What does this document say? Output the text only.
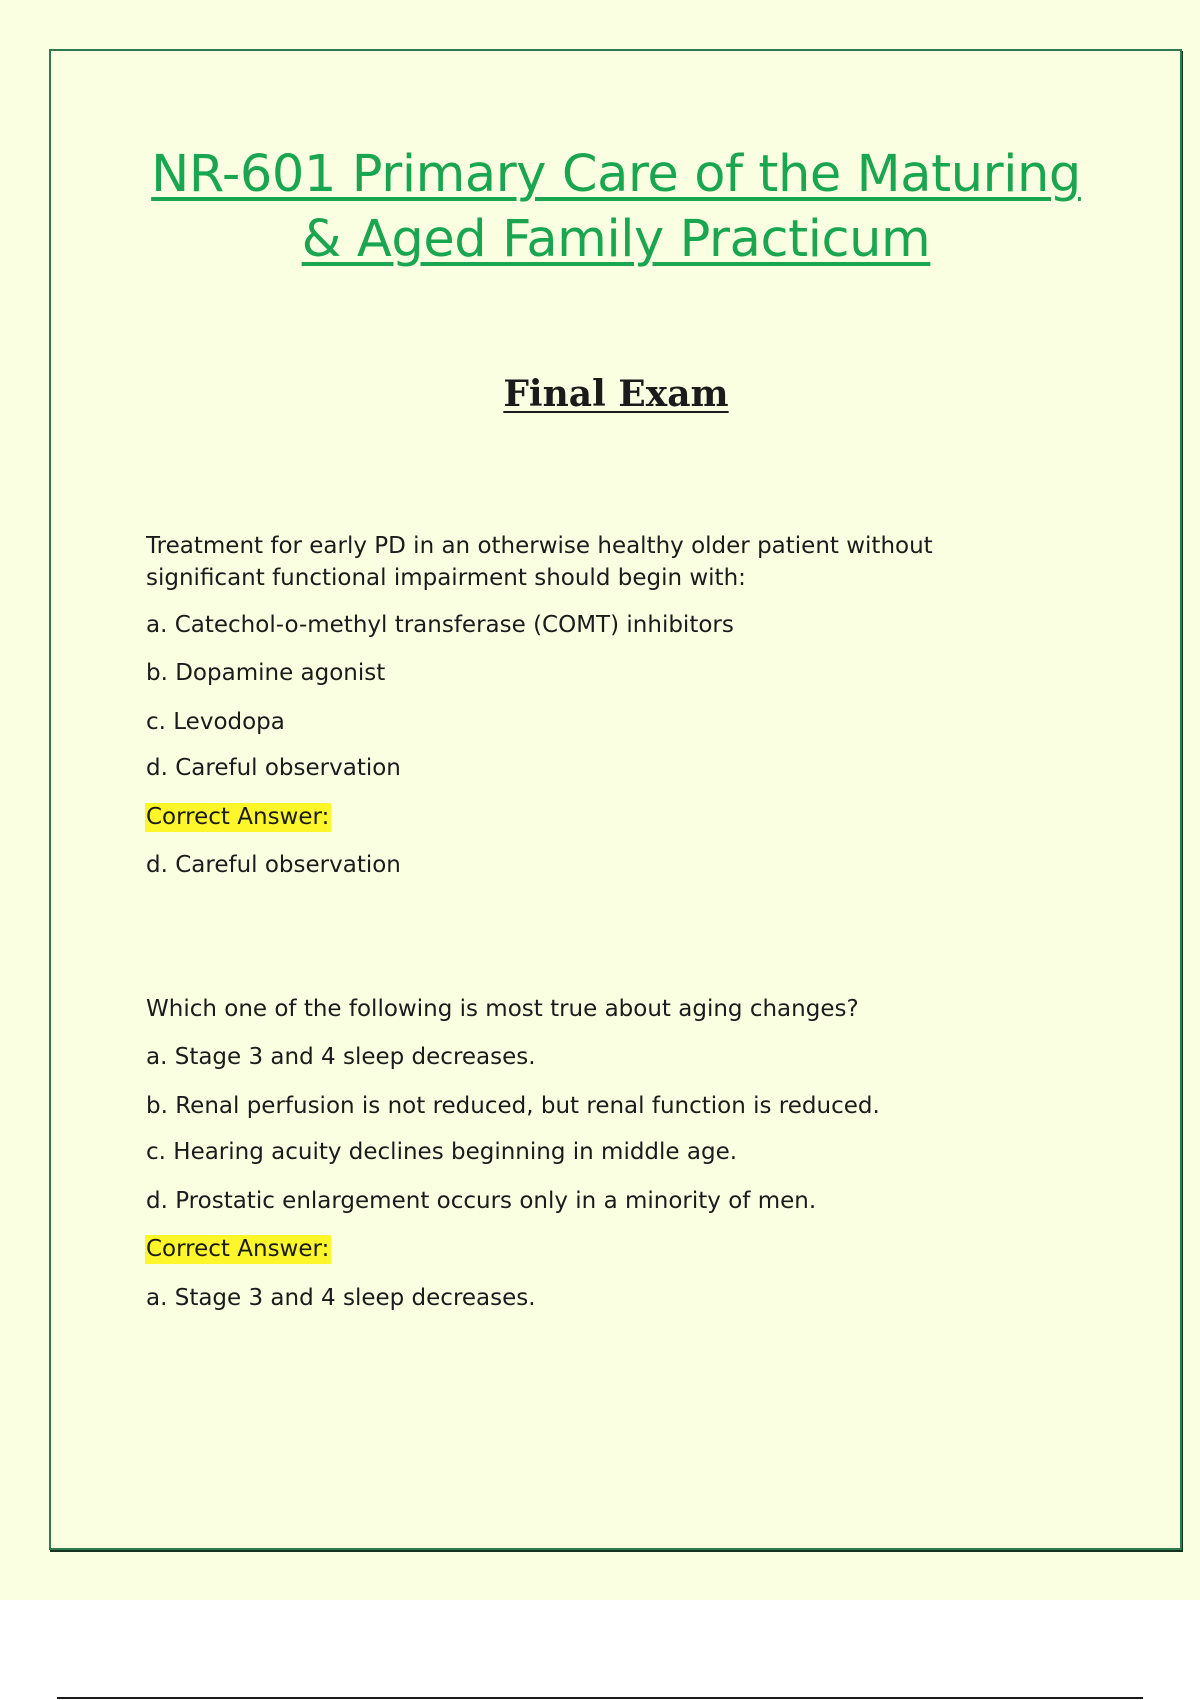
NR-601 Primary Care of the Maturing
& Aged Family Practicum
Final Exam

Treatment for early PD in an otherwise healthy older patient without
significant functional impairment should begin with:

a. Catechol-o-methyl transferase (COMT) inhibitors

b. Dopamine agonist

c. Levodopa

d. Careful observation

Correct Answer:

d. Careful observation

Which one of the following is most true about aging changes?

a. Stage 3 and 4 sleep decreases.

b. Renal perfusion is not reduced, but renal function is reduced.

c. Hearing acuity declines beginning in middle age.

d. Prostatic enlargement occurs only in a minority of men.

Correct Answer:

a. Stage 3 and 4 sleep decreases.
